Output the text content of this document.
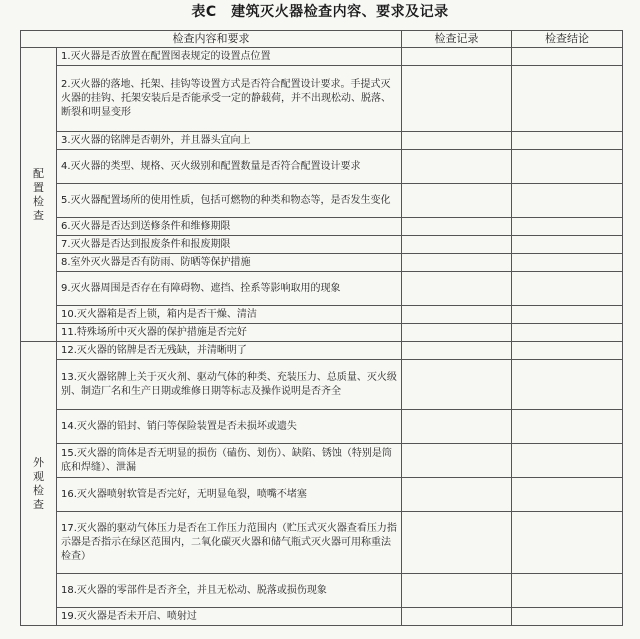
表C　建筑灭火器检查内容、要求及记录
检查内容和要求		检查记录	检查结论

配置检查	1.灭火器是否放置在配置图表规定的设置点位置		
	2.灭火器的落地、托架、挂钩等设置方式是否符合配置设计要求。手提式灭火器的挂钩、托架安装后是否能承受一定的静载荷，并不出现松动、脱落、断裂和明显变形		
	3.灭火器的铭牌是否朝外，并且器头宜向上		
	4.灭火器的类型、规格、灭火级别和配置数量是否符合配置设计要求		
	5.灭火器配置场所的使用性质，包括可燃物的种类和物态等，是否发生变化		
	6.灭火器是否达到送修条件和维修期限		
	7.灭火器是否达到报废条件和报废期限		
	8.室外灭火器是否有防雨、防晒等保护措施		
	9.灭火器周围是否存在有障碍物、遮挡、拴系等影响取用的现象		
	10.灭火器箱是否上锁，箱内是否干燥、清洁		
	11.特殊场所中灭火器的保护措施是否完好		

外观检查	12.灭火器的铭牌是否无残缺，并清晰明了		
	13.灭火器铭牌上关于灭火剂、驱动气体的种类、充装压力、总质量、灭火级别、制造厂名和生产日期或维修日期等标志及操作说明是否齐全		
	14.灭火器的铅封、销闩等保险装置是否未损坏或遗失		
	15.灭火器的筒体是否无明显的损伤（磕伤、划伤）、缺陷、锈蚀（特别是筒底和焊缝）、泄漏		
	16.灭火器喷射软管是否完好，无明显龟裂，喷嘴不堵塞		
	17.灭火器的驱动气体压力是否在工作压力范围内（贮压式灭火器查看压力指示器是否指示在绿区范围内，二氧化碳灭火器和储气瓶式灭火器可用称重法检查）		
	18.灭火器的零部件是否齐全，并且无松动、脱落或损伤现象		
	19.灭火器是否未开启、喷射过		
